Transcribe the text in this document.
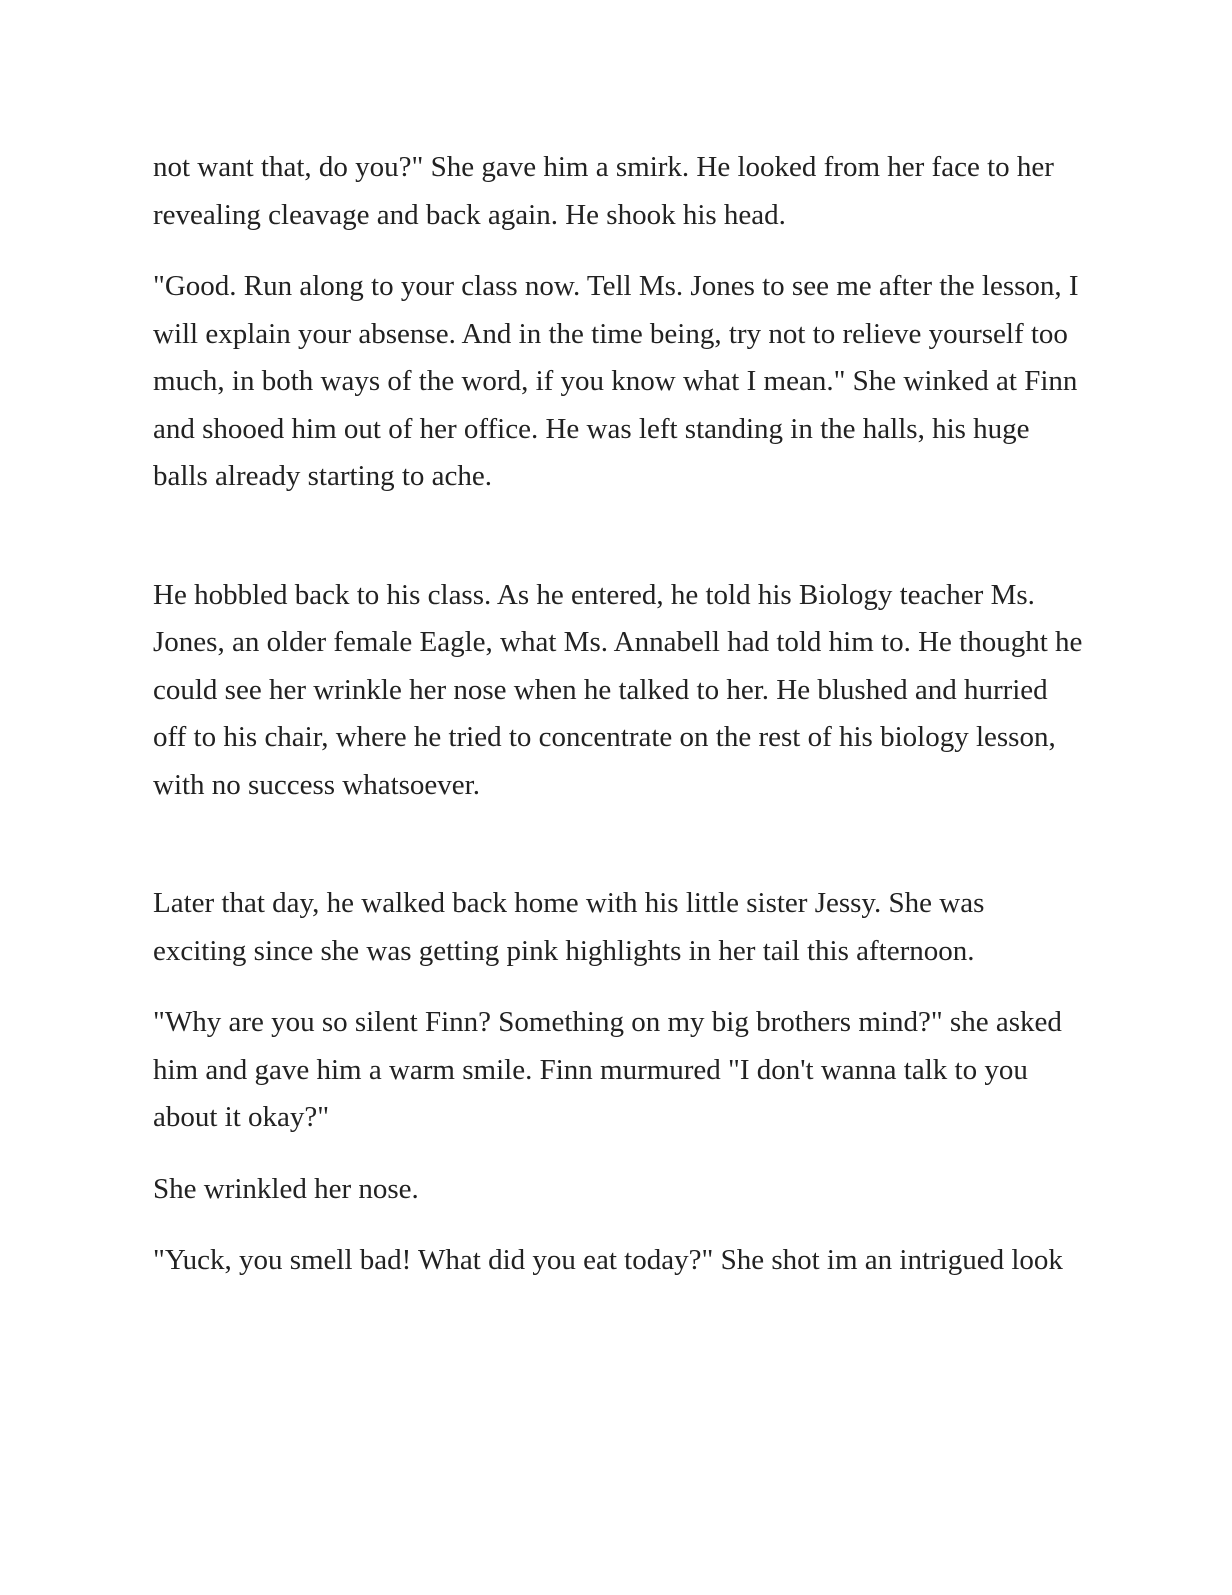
not want that, do you?" She gave him a smirk. He looked from her face to her revealing cleavage and back again. He shook his head.

"Good. Run along to your class now. Tell Ms. Jones to see me after the lesson, I will explain your absense. And in the time being, try not to relieve yourself too much, in both ways of the word, if you know what I mean." She winked at Finn and shooed him out of her office. He was left standing in the halls, his huge balls already starting to ache.

He hobbled back to his class. As he entered, he told his Biology teacher Ms. Jones, an older female Eagle, what Ms. Annabell had told him to. He thought he could see her wrinkle her nose when he talked to her. He blushed and hurried off to his chair, where he tried to concentrate on the rest of his biology lesson, with no success whatsoever.

Later that day, he walked back home with his little sister Jessy. She was exciting since she was getting pink highlights in her tail this afternoon.

"Why are you so silent Finn? Something on my big brothers mind?" she asked him and gave him a warm smile. Finn murmured "I don't wanna talk to you about it okay?"

She wrinkled her nose.

"Yuck, you smell bad! What did you eat today?" She shot im an intrigued look
